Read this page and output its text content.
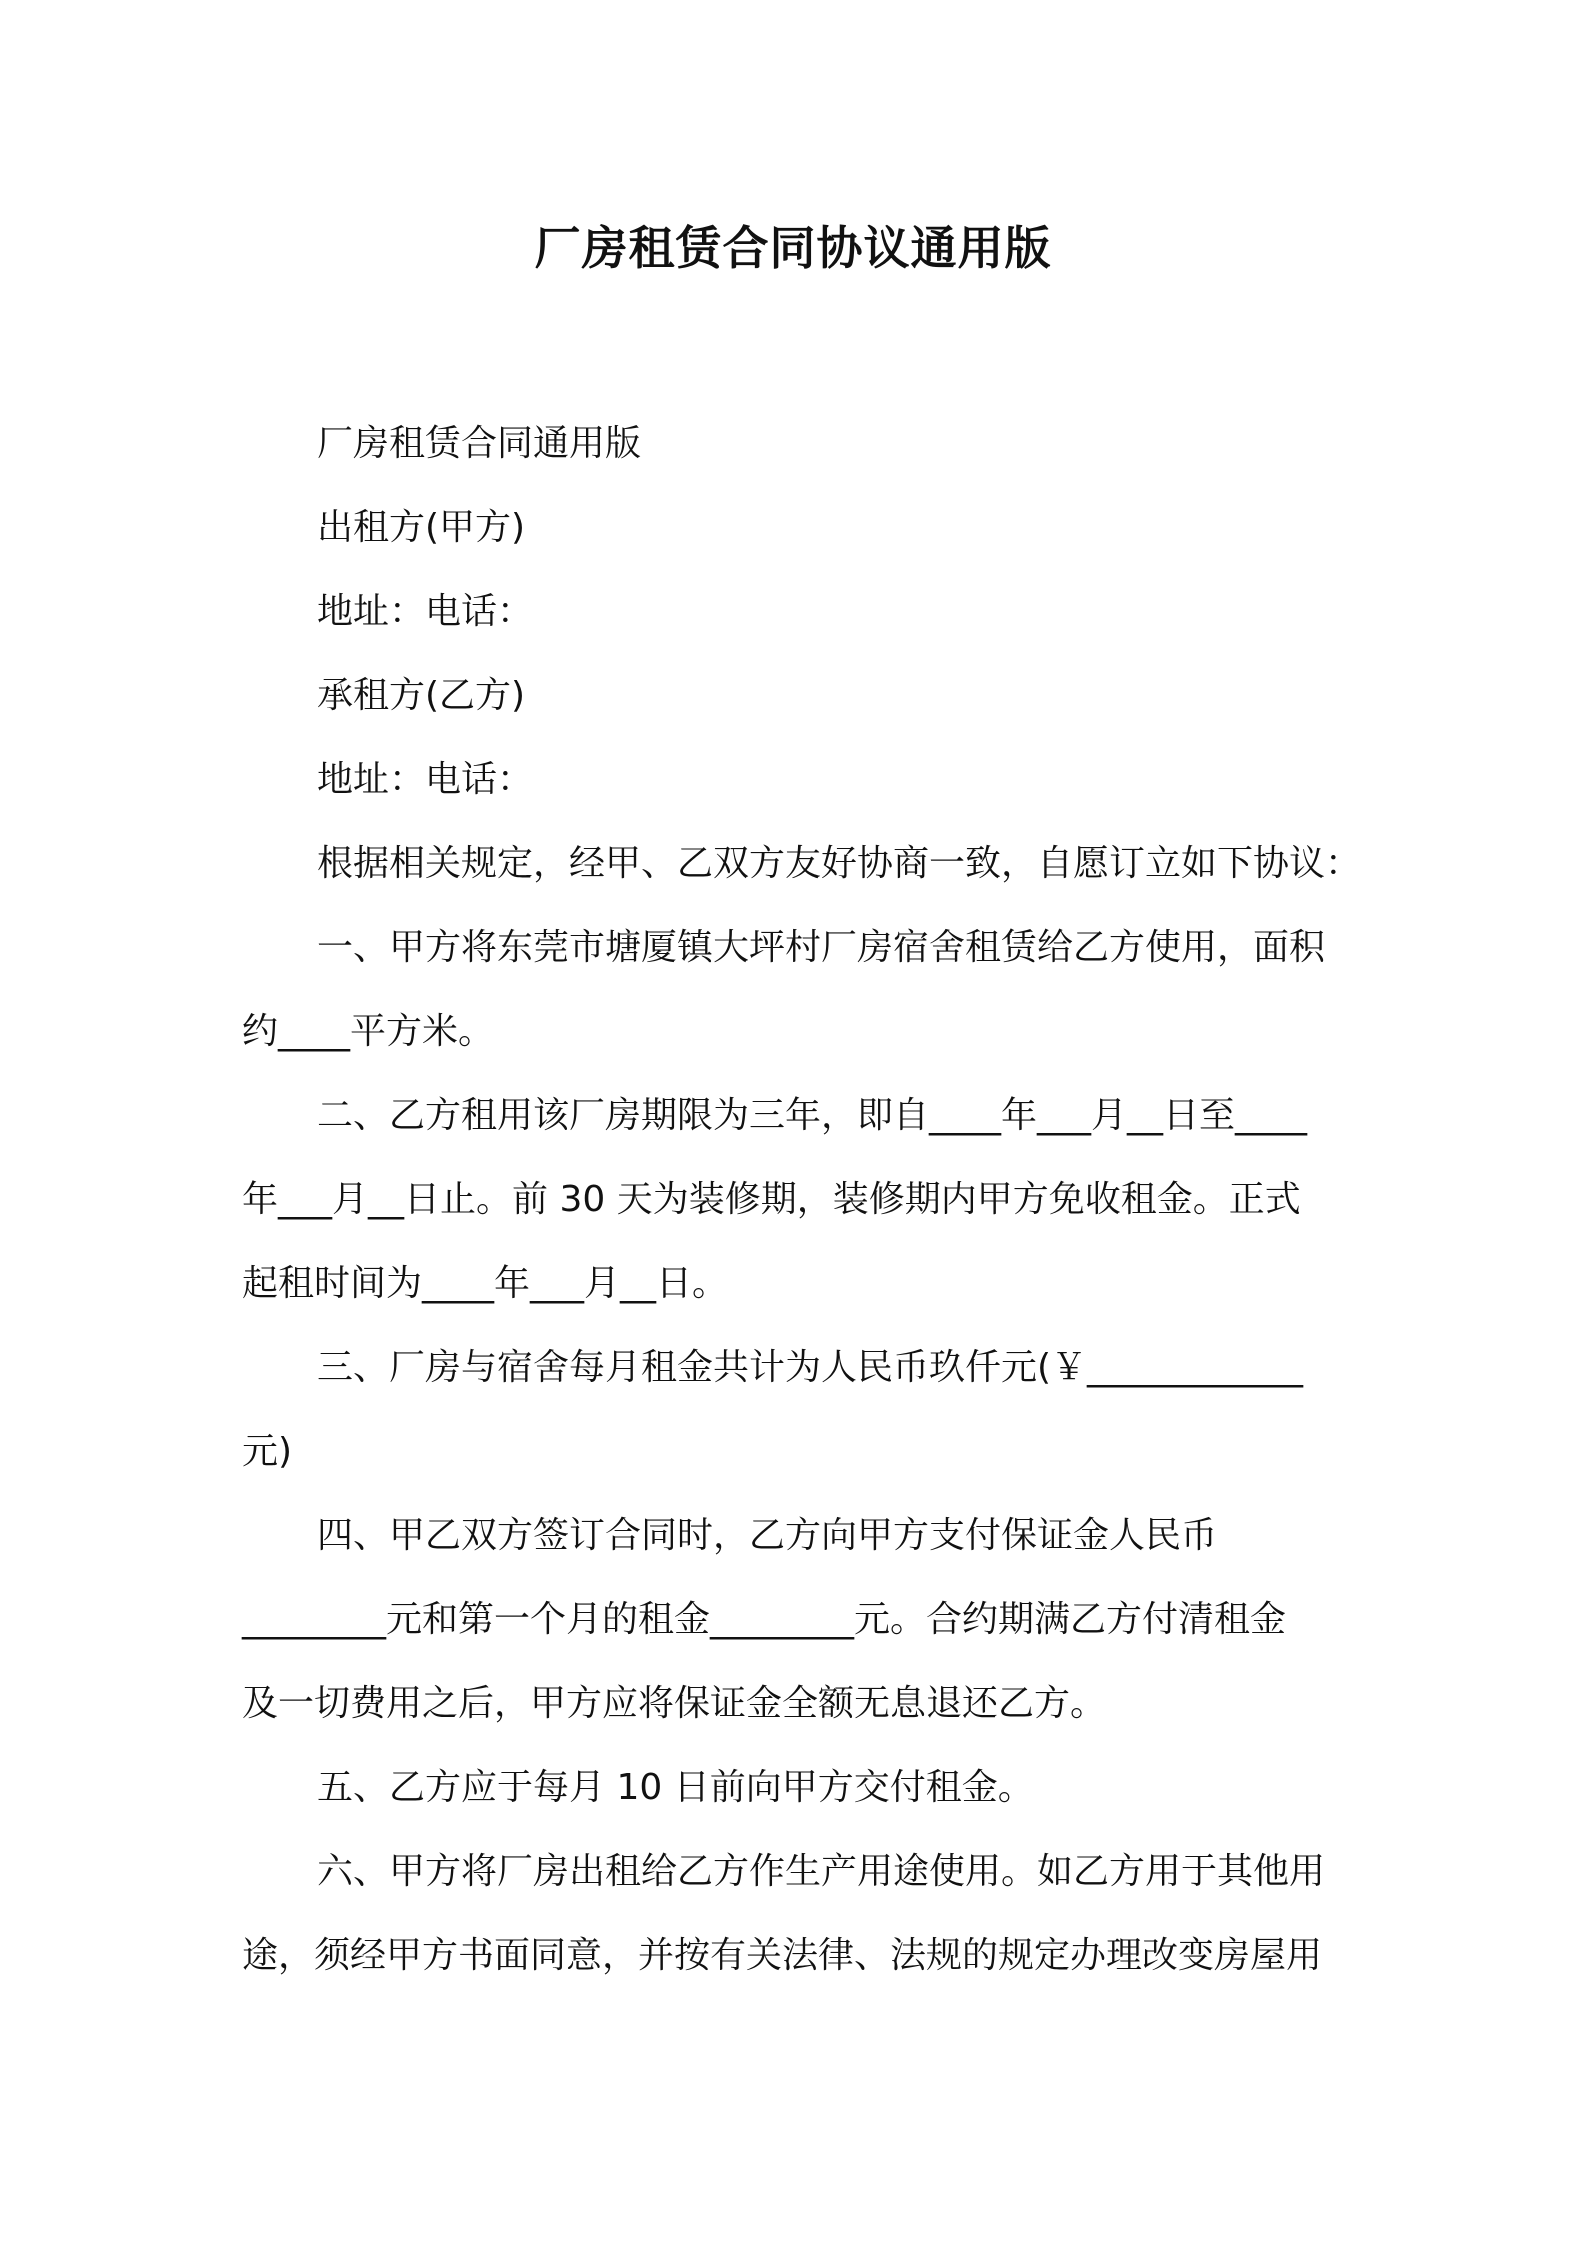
厂房租赁合同协议通用版
厂房租赁合同通用版
出租方(甲方)
地址：电话：
承租方(乙方)
地址：电话：
根据相关规定，经甲、乙双方友好协商一致，自愿订立如下协议：
一、甲方将东莞市塘厦镇大坪村厂房宿舍租赁给乙方使用，面积
约____平方米。
二、乙方租用该厂房期限为三年，即自____年___月__日至____
年___月__日止。前 30 天为装修期，装修期内甲方免收租金。正式
起租时间为____年___月__日。
三、厂房与宿舍每月租金共计为人民币玖仟元(￥____________
元)
四、甲乙双方签订合同时，乙方向甲方支付保证金人民币
________元和第一个月的租金________元。合约期满乙方付清租金
及一切费用之后，甲方应将保证金全额无息退还乙方。
五、乙方应于每月 10 日前向甲方交付租金。
六、甲方将厂房出租给乙方作生产用途使用。如乙方用于其他用
途，须经甲方书面同意，并按有关法律、法规的规定办理改变房屋用
